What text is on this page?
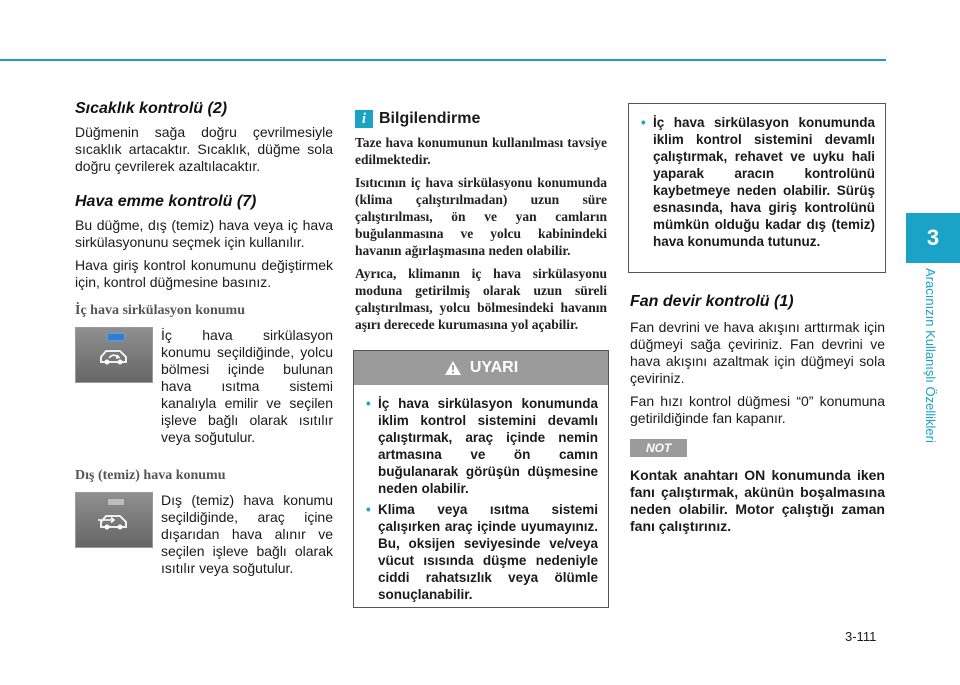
3
Aracınızın Kullanışlı Özellikleri
Sıcaklık kontrolü (2)

Düğmenin sağa doğru çevrilmesiyle sıcaklık artacaktır. Sıcaklık, düğme sola doğru çevrilerek azaltılacaktır.

Hava emme kontrolü (7)

Bu düğme, dış (temiz) hava veya iç hava sirkülasyonunu seçmek için kullanılır.

Hava giriş kontrol konumunu değiştirmek için, kontrol düğmesine basınız.

İç hava sirkülasyon konumu

İç hava sirkülasyon konumu seçildiğinde, yolcu bölmesi içinde bulunan hava ısıtma sistemi kanalıyla emilir ve seçilen işleve bağlı olarak ısıtılır veya soğutulur.

Dış (temiz) hava konumu

Dış (temiz) hava konumu seçildiğinde, araç içine dışarıdan hava alınır ve seçilen işleve bağlı olarak ısıtılır veya soğutulur.

i Bilgilendirme

Taze hava konumunun kullanılması tavsiye edilmektedir.

Isıtıcının iç hava sirkülasyonu konumunda (klima çalıştırılmadan) uzun süre çalıştırılması, ön ve yan camların buğulanmasına ve yolcu kabinindeki havanın ağırlaşmasına neden olabilir.

Ayrıca, klimanın iç hava sirkülasyonu moduna getirilmiş olarak uzun süreli çalıştırılması, yolcu bölmesindeki havanın aşırı derecede kurumasına yol açabilir.

UYARI
• İç hava sirkülasyon konumunda iklim kontrol sistemini devamlı çalıştırmak, araç içinde nemin artmasına ve ön camın buğulanarak görüşün düşmesine neden olabilir.
• Klima veya ısıtma sistemi çalışırken araç içinde uyumayınız. Bu, oksijen seviyesinde ve/veya vücut ısısında düşme nedeniyle ciddi rahatsızlık veya ölümle sonuçlanabilir.
• İç hava sirkülasyon konumunda iklim kontrol sistemini devamlı çalıştırmak, rehavet ve uyku hali yaparak aracın kontrolünü kaybetmeye neden olabilir. Sürüş esnasında, hava giriş kontrolünü mümkün olduğu kadar dış (temiz) hava konumunda tutunuz.
Fan devir kontrolü (1)

Fan devrini ve hava akışını arttırmak için düğmeyi sağa çeviriniz. Fan devrini ve hava akışını azaltmak için düğmeyi sola çeviriniz.

Fan hızı kontrol düğmesi “0” konumuna getirildiğinde fan kapanır.

NOT

Kontak anahtarı ON konumunda iken fanı çalıştırmak, akünün boşalmasına neden olabilir. Motor çalıştığı zaman fanı çalıştırınız.

3-111
